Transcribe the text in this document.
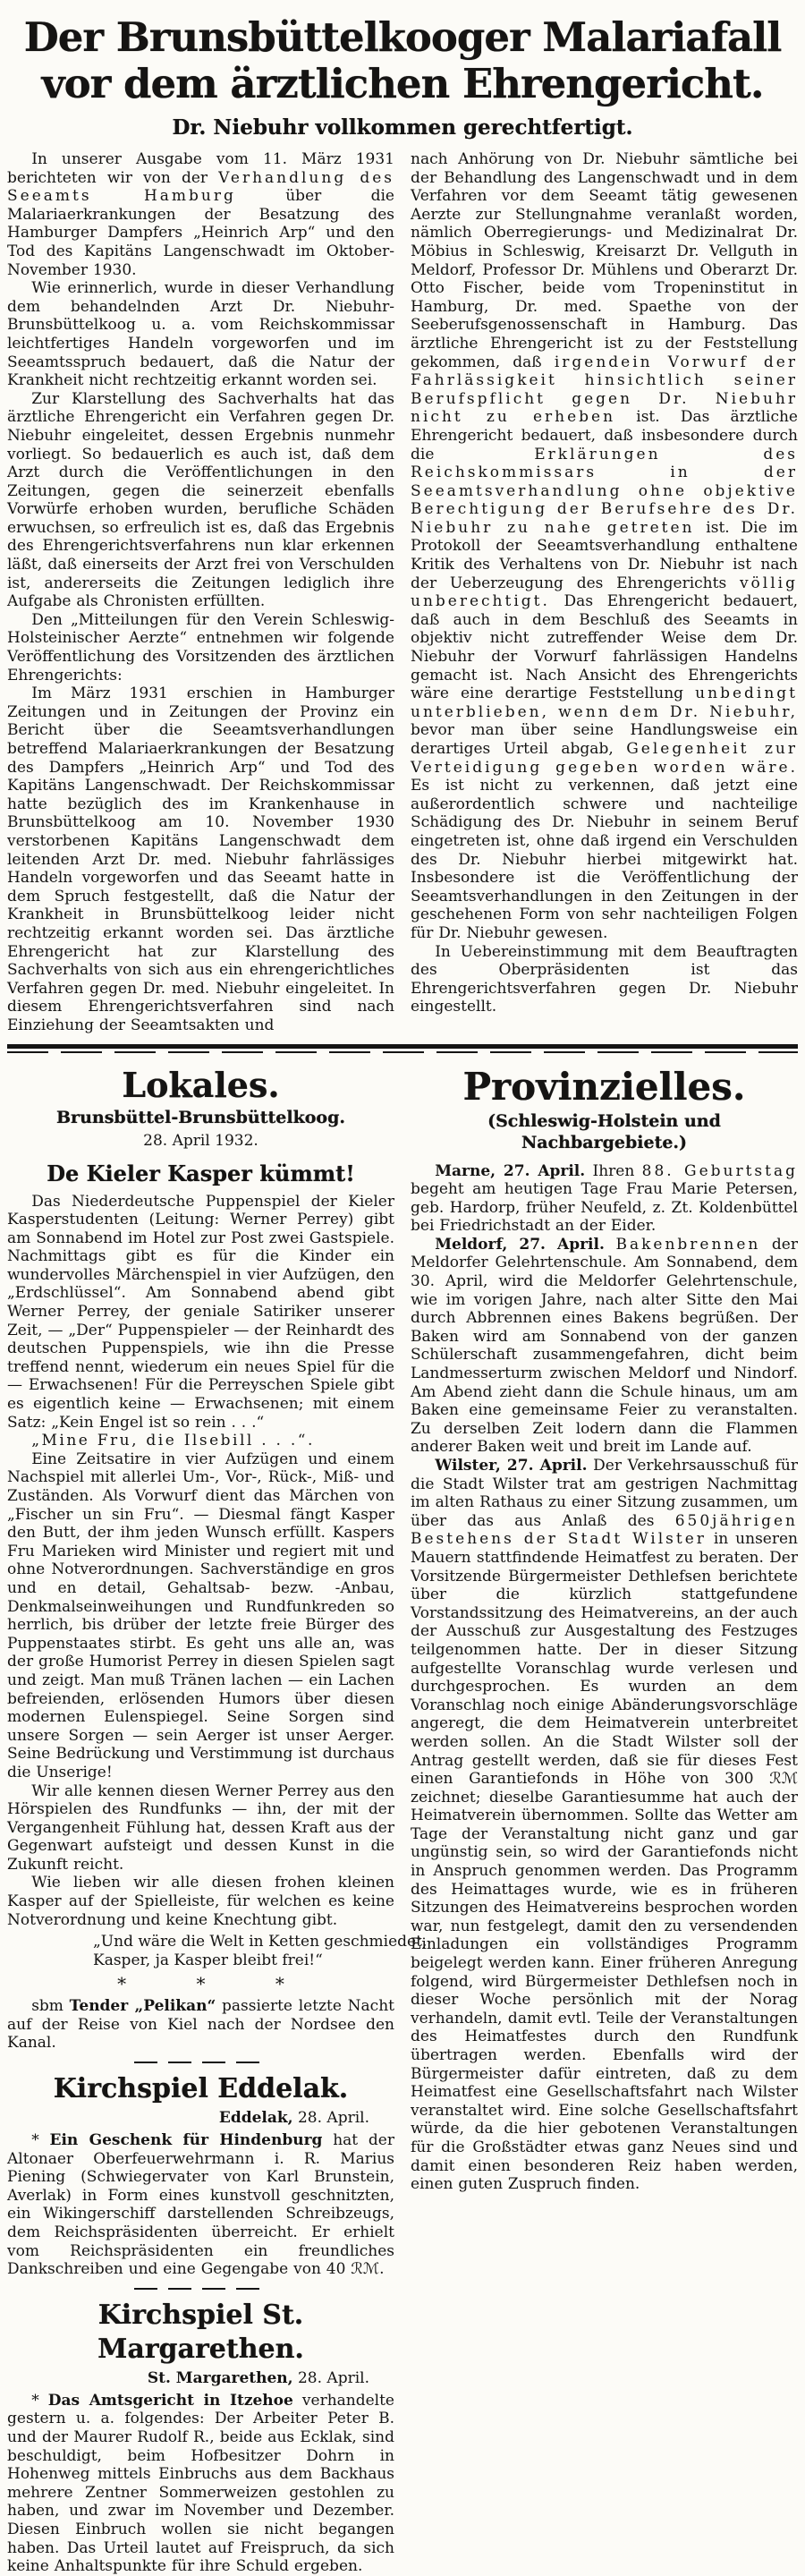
Der Brunsbüttelkooger Malariafall
vor dem ärztlichen Ehrengericht.
Dr. Niebuhr vollkommen gerechtfertigt.

In unserer Ausgabe vom 11. März 1931 berichteten wir von der Verhandlung des Seeamts Hamburg über die Malariaerkrankungen der Besatzung des Hamburger Dampfers „Heinrich Arp“ und den Tod des Kapitäns Langenschwadt im Oktober-November 1930.

Wie erinnerlich, wurde in dieser Verhandlung dem behandelnden Arzt Dr. Niebuhr-Brunsbüttelkoog u. a. vom Reichskommissar leichtfertiges Handeln vorgeworfen und im Seeamtsspruch bedauert, daß die Natur der Krankheit nicht rechtzeitig erkannt worden sei.

Zur Klarstellung des Sachverhalts hat das ärztliche Ehrengericht ein Verfahren gegen Dr. Niebuhr eingeleitet, dessen Ergebnis nunmehr vorliegt. So bedauerlich es auch ist, daß dem Arzt durch die Veröffentlichungen in den Zeitungen, gegen die seinerzeit ebenfalls Vorwürfe erhoben wurden, berufliche Schäden erwuchsen, so erfreulich ist es, daß das Ergebnis des Ehrengerichtsverfahrens nun klar erkennen läßt, daß einerseits der Arzt frei von Verschulden ist, andererseits die Zeitungen lediglich ihre Aufgabe als Chronisten erfüllten.

Den „Mitteilungen für den Verein Schleswig-Holsteinischer Aerzte“ entnehmen wir folgende Veröffentlichung des Vorsitzenden des ärztlichen Ehrengerichts:

Im März 1931 erschien in Hamburger Zeitungen und in Zeitungen der Provinz ein Bericht über die Seeamtsverhandlungen betreffend Malariaerkrankungen der Besatzung des Dampfers „Heinrich Arp“ und Tod des Kapitäns Langenschwadt. Der Reichskommissar hatte bezüglich des im Krankenhause in Brunsbüttelkoog am 10. November 1930 verstorbenen Kapitäns Langenschwadt dem leitenden Arzt Dr. med. Niebuhr fahrlässiges Handeln vorgeworfen und das Seeamt hatte in dem Spruch festgestellt, daß die Natur der Krankheit in Brunsbüttelkoog leider nicht rechtzeitig erkannt worden sei. Das ärztliche Ehrengericht hat zur Klarstellung des Sachverhalts von sich aus ein ehrengerichtliches Verfahren gegen Dr. med. Niebuhr eingeleitet. In diesem Ehrengerichtsverfahren sind nach Einziehung der Seeamtsakten und

nach Anhörung von Dr. Niebuhr sämtliche bei der Behandlung des Langenschwadt und in dem Verfahren vor dem Seeamt tätig gewesenen Aerzte zur Stellungnahme veranlaßt worden, nämlich Oberregierungs- und Medizinalrat Dr. Möbius in Schleswig, Kreisarzt Dr. Vellguth in Meldorf, Professor Dr. Mühlens und Oberarzt Dr. Otto Fischer, beide vom Tropeninstitut in Hamburg, Dr. med. Spaethe von der Seeberufsgenossenschaft in Hamburg. Das ärztliche Ehrengericht ist zu der Feststellung gekommen, daß irgendein Vorwurf der Fahrlässigkeit hinsichtlich seiner Berufspflicht gegen Dr. Niebuhr nicht zu erheben ist. Das ärztliche Ehrengericht bedauert, daß insbesondere durch die Erklärungen des Reichskommissars in der Seeamtsverhandlung ohne objektive Berechtigung der Berufsehre des Dr. Niebuhr zu nahe getreten ist. Die im Protokoll der Seeamtsverhandlung enthaltene Kritik des Verhaltens von Dr. Niebuhr ist nach der Ueberzeugung des Ehrengerichts völlig unberechtigt. Das Ehrengericht bedauert, daß auch in dem Beschluß des Seeamts in objektiv nicht zutreffender Weise dem Dr. Niebuhr der Vorwurf fahrlässigen Handelns gemacht ist. Nach Ansicht des Ehrengerichts wäre eine derartige Feststellung unbedingt unterblieben, wenn dem Dr. Niebuhr, bevor man über seine Handlungsweise ein derartiges Urteil abgab, Gelegenheit zur Verteidigung gegeben worden wäre. Es ist nicht zu verkennen, daß jetzt eine außerordentlich schwere und nachteilige Schädigung des Dr. Niebuhr in seinem Beruf eingetreten ist, ohne daß irgend ein Verschulden des Dr. Niebuhr hierbei mitgewirkt hat. Insbesondere ist die Veröffentlichung der Seeamtsverhandlungen in den Zeitungen in der geschehenen Form von sehr nachteiligen Folgen für Dr. Niebuhr gewesen.

In Uebereinstimmung mit dem Beauftragten des Oberpräsidenten ist das Ehrengerichtsverfahren gegen Dr. Niebuhr eingestellt.

Lokales.
Brunsbüttel-Brunsbüttelkoog.
28. April 1932.
De Kieler Kasper kümmt!

Das Niederdeutsche Puppenspiel der Kieler Kasperstudenten (Leitung: Werner Perrey) gibt am Sonnabend im Hotel zur Post zwei Gastspiele. Nachmittags gibt es für die Kinder ein wundervolles Märchenspiel in vier Aufzügen, den „Erdschlüssel“. Am Sonnabend abend gibt Werner Perrey, der geniale Satiriker unserer Zeit, — „Der“ Puppenspieler — der Reinhardt des deutschen Puppenspiels, wie ihn die Presse treffend nennt, wiederum ein neues Spiel für die — Erwachsenen! Für die Perreyschen Spiele gibt es eigentlich keine — Erwachsenen; mit einem Satz: „Kein Engel ist so rein . . .“

„Mine Fru, die Ilsebill . . .“.

Eine Zeitsatire in vier Aufzügen und einem Nachspiel mit allerlei Um-, Vor-, Rück-, Miß- und Zuständen. Als Vorwurf dient das Märchen von „Fischer un sin Fru“. — Diesmal fängt Kasper den Butt, der ihm jeden Wunsch erfüllt. Kaspers Fru Marieken wird Minister und regiert mit und ohne Notverordnungen. Sachverständige en gros und en detail, Gehaltsab- bezw. -Anbau, Denkmalseinweihungen und Rundfunkreden so herrlich, bis drüber der letzte freie Bürger des Puppenstaates stirbt. Es geht uns alle an, was der große Humorist Perrey in diesen Spielen sagt und zeigt. Man muß Tränen lachen — ein Lachen befreienden, erlösenden Humors über diesen modernen Eulenspiegel. Seine Sorgen sind unsere Sorgen — sein Aerger ist unser Aerger. Seine Bedrückung und Verstimmung ist durchaus die Unserige!

Wir alle kennen diesen Werner Perrey aus den Hörspielen des Rundfunks — ihn, der mit der Vergangenheit Fühlung hat, dessen Kraft aus der Gegenwart aufsteigt und dessen Kunst in die Zukunft reicht.

Wie lieben wir alle diesen frohen kleinen Kasper auf der Spielleiste, für welchen es keine Notverordnung und keine Knechtung gibt.

„Und wäre die Welt in Ketten geschmiedet,
Kasper, ja Kasper bleibt frei!“
* * *

sbm Tender „Pelikan“ passierte letzte Nacht auf der Reise von Kiel nach der Nordsee den Kanal.

Kirchspiel Eddelak.
Eddelak, 28. April.

* Ein Geschenk für Hindenburg hat der Altonaer Oberfeuerwehrmann i. R. Marius Piening (Schwiegervater von Karl Brunstein, Averlak) in Form eines kunstvoll geschnitzten, ein Wikingerschiff darstellenden Schreibzeugs, dem Reichspräsidenten überreicht. Er erhielt vom Reichspräsidenten ein freundliches Dankschreiben und eine Gegengabe von 40 ℛℳ.

Kirchspiel St. Margarethen.
St. Margarethen, 28. April.

* Das Amtsgericht in Itzehoe verhandelte gestern u. a. folgendes: Der Arbeiter Peter B. und der Maurer Rudolf R., beide aus Ecklak, sind beschuldigt, beim Hofbesitzer Dohrn in Hohenweg mittels Einbruchs aus dem Backhaus mehrere Zentner Sommerweizen gestohlen zu haben, und zwar im November und Dezember. Diesen Einbruch wollen sie nicht begangen haben. Das Urteil lautet auf Freispruch, da sich keine Anhaltspunkte für ihre Schuld ergeben.

Provinzielles.
(Schleswig-Holstein und Nachbargebiete.)

Marne, 27. April. Ihren 88. Geburtstag begeht am heutigen Tage Frau Marie Petersen, geb. Hardorp, früher Neufeld, z. Zt. Koldenbüttel bei Friedrichstadt an der Eider.

Meldorf, 27. April. Bakenbrennen der Meldorfer Gelehrtenschule. Am Sonnabend, dem 30. April, wird die Meldorfer Gelehrtenschule, wie im vorigen Jahre, nach alter Sitte den Mai durch Abbrennen eines Bakens begrüßen. Der Baken wird am Sonnabend von der ganzen Schülerschaft zusammengefahren, dicht beim Landmesserturm zwischen Meldorf und Nindorf. Am Abend zieht dann die Schule hinaus, um am Baken eine gemeinsame Feier zu veranstalten. Zu derselben Zeit lodern dann die Flammen anderer Baken weit und breit im Lande auf.

Wilster, 27. April. Der Verkehrsausschuß für die Stadt Wilster trat am gestrigen Nachmittag im alten Rathaus zu einer Sitzung zusammen, um über das aus Anlaß des 650jährigen Bestehens der Stadt Wilster in unseren Mauern stattfindende Heimatfest zu beraten. Der Vorsitzende Bürgermeister Dethlefsen berichtete über die kürzlich stattgefundene Vorstandssitzung des Heimatvereins, an der auch der Ausschuß zur Ausgestaltung des Festzuges teilgenommen hatte. Der in dieser Sitzung aufgestellte Voranschlag wurde verlesen und durchgesprochen. Es wurden an dem Voranschlag noch einige Abänderungsvorschläge angeregt, die dem Heimatverein unterbreitet werden sollen. An die Stadt Wilster soll der Antrag gestellt werden, daß sie für dieses Fest einen Garantiefonds in Höhe von 300 ℛℳ zeichnet; dieselbe Garantiesumme hat auch der Heimatverein übernommen. Sollte das Wetter am Tage der Veranstaltung nicht ganz und gar ungünstig sein, so wird der Garantiefonds nicht in Anspruch genommen werden. Das Programm des Heimattages wurde, wie es in früheren Sitzungen des Heimatvereins besprochen worden war, nun festgelegt, damit den zu versendenden Einladungen ein vollständiges Programm beigelegt werden kann. Einer früheren Anregung folgend, wird Bürgermeister Dethlefsen noch in dieser Woche persönlich mit der Norag verhandeln, damit evtl. Teile der Veranstaltungen des Heimatfestes durch den Rundfunk übertragen werden. Ebenfalls wird der Bürgermeister dafür eintreten, daß zu dem Heimatfest eine Gesellschaftsfahrt nach Wilster veranstaltet wird. Eine solche Gesellschaftsfahrt würde, da die hier gebotenen Veranstaltungen für die Großstädter etwas ganz Neues sind und damit einen besonderen Reiz haben werden, einen guten Zuspruch finden.
